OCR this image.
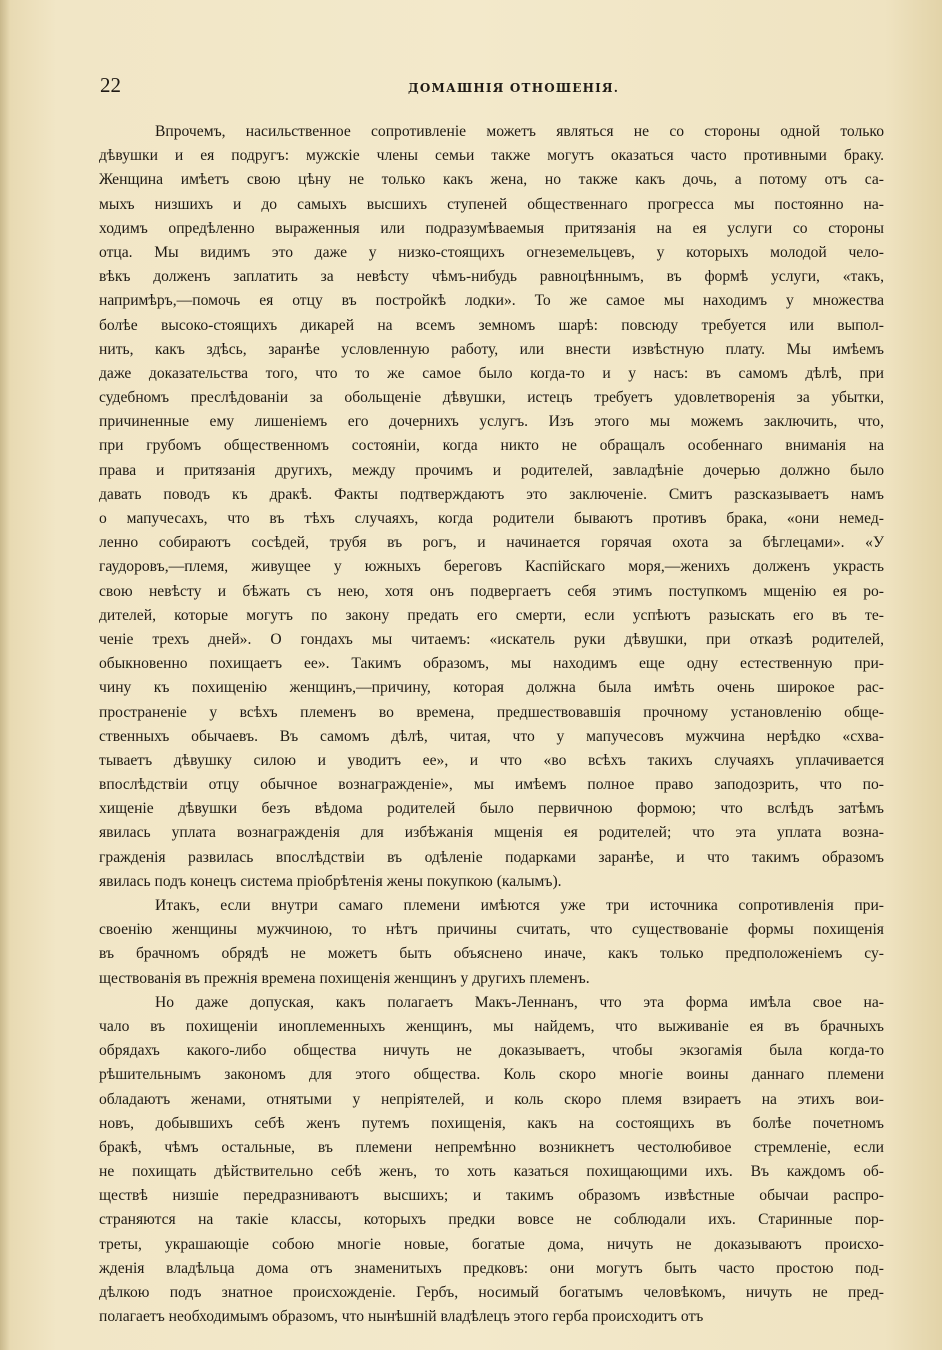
22	ДОМАШНІЯ ОТНОШЕНІЯ.
Впрочемъ, насильственное сопротивленіе можетъ являться не со стороны одной только
дѣвушки и ея подругъ: мужскіе члены семьи также могутъ оказаться часто противными браку.
Женщина имѣетъ свою цѣну не только какъ жена, но также какъ дочь, а потому отъ са-
мыхъ низшихъ и до самыхъ высшихъ ступеней общественнаго прогресса мы постоянно на-
ходимъ опредѣленно выраженныя или подразумѣваемыя притязанія на ея услуги со стороны
отца. Мы видимъ это даже у низко-стоящихъ огнеземельцевъ, у которыхъ молодой чело-
вѣкъ долженъ заплатить за невѣсту чѣмъ-нибудь равноцѣннымъ, въ формѣ услуги, «такъ,
напримѣръ,—помочь ея отцу въ постройкѣ лодки». То же самое мы находимъ у множества
болѣе высоко-стоящихъ дикарей на всемъ земномъ шарѣ: повсюду требуется или выпол-
нить, какъ здѣсь, заранѣе условленную работу, или внести извѣстную плату. Мы имѣемъ
даже доказательства того, что то же самое было когда-то и у насъ: въ самомъ дѣлѣ, при
судебномъ преслѣдованіи за обольщеніе дѣвушки, истецъ требуетъ удовлетворенія за убытки,
причиненные ему лишеніемъ его дочернихъ услугъ. Изъ этого мы можемъ заключить, что,
при грубомъ общественномъ состояніи, когда никто не обращалъ особеннаго вниманія на
права и притязанія другихъ, между прочимъ и родителей, завладѣніе дочерью должно было
давать поводъ къ дракѣ. Факты подтверждаютъ это заключеніе. Смитъ разсказываетъ намъ
о мапучесахъ, что въ тѣхъ случаяхъ, когда родители бываютъ противъ брака, «они немед-
ленно собираютъ сосѣдей, трубя въ рогъ, и начинается горячая охота за бѣглецами». «У
гаудоровъ,—племя, живущее у южныхъ береговъ Каспійскаго моря,—женихъ долженъ украсть
свою невѣсту и бѣжать съ нею, хотя онъ подвергаетъ себя этимъ поступкомъ мщенію ея ро-
дителей, которые могутъ по закону предать его смерти, если успѣютъ разыскать его въ те-
ченіе трехъ дней». О гондахъ мы читаемъ: «искатель руки дѣвушки, при отказѣ родителей,
обыкновенно похищаетъ ее». Такимъ образомъ, мы находимъ еще одну естественную при-
чину къ похищенію женщинъ,—причину, которая должна была имѣть очень широкое рас-
пространеніе у всѣхъ племенъ во времена, предшествовавшія прочному установленію обще-
ственныхъ обычаевъ. Въ самомъ дѣлѣ, читая, что у мапучесовъ мужчина нерѣдко «схва-
тываетъ дѣвушку силою и уводитъ ее», и что «во всѣхъ такихъ случаяхъ уплачивается
впослѣдствіи отцу обычное вознагражденіе», мы имѣемъ полное право заподозрить, что по-
хищеніе дѣвушки безъ вѣдома родителей было первичною формою; что вслѣдъ затѣмъ
явилась уплата вознагражденія для избѣжанія мщенія ея родителей; что эта уплата возна-
гражденія развилась впослѣдствіи въ одѣленіе подарками заранѣе, и что такимъ образомъ
явилась подъ конецъ система пріобрѣтенія жены покупкою (калымъ).
Итакъ, если внутри самаго племени имѣются уже три источника сопротивленія при-
своенію женщины мужчиною, то нѣтъ причины считать, что существованіе формы похищенія
въ брачномъ обрядѣ не можетъ быть объяснено иначе, какъ только предположеніемъ су-
ществованія въ прежнія времена похищенія женщинъ у другихъ племенъ.
Но даже допуская, какъ полагаетъ Макъ-Леннанъ, что эта форма имѣла свое на-
чало въ похищеніи иноплеменныхъ женщинъ, мы найдемъ, что выживаніе ея въ брачныхъ
обрядахъ какого-либо общества ничуть не доказываетъ, чтобы экзогамія была когда-то
рѣшительнымъ закономъ для этого общества. Коль скоро многіе воины даннаго племени
обладаютъ женами, отнятыми у непріятелей, и коль скоро племя взираетъ на этихъ вои-
новъ, добывшихъ себѣ женъ путемъ похищенія, какъ на состоящихъ въ болѣе почетномъ
бракѣ, чѣмъ остальные, въ племени непремѣнно возникнетъ честолюбивое стремленіе, если
не похищать дѣйствительно себѣ женъ, то хоть казаться похищающими ихъ. Въ каждомъ об-
ществѣ низшіе передразниваютъ высшихъ; и такимъ образомъ извѣстные обычаи распро-
страняются на такіе классы, которыхъ предки вовсе не соблюдали ихъ. Старинные пор-
треты, украшающіе собою многіе новые, богатые дома, ничуть не доказываютъ происхо-
жденія владѣльца дома отъ знаменитыхъ предковъ: они могутъ быть часто простою под-
дѣлкою подъ знатное происхожденіе. Гербъ, носимый богатымъ человѣкомъ, ничуть не пред-
полагаетъ необходимымъ образомъ, что нынѣшній владѣлецъ этого герба происходитъ отъ
